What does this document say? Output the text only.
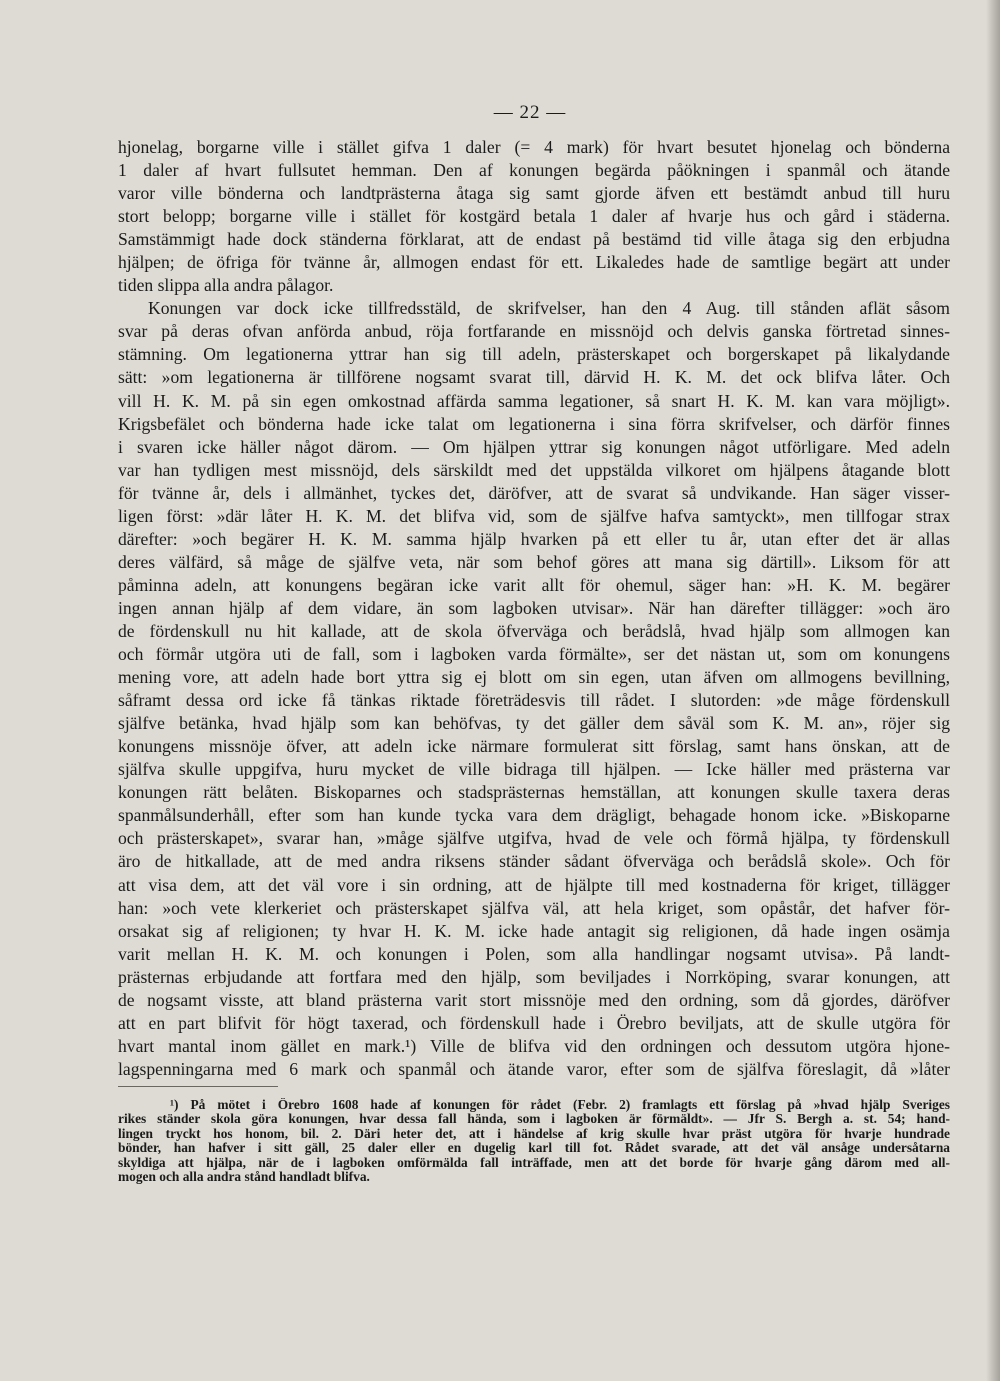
— 22 —
hjonelag, borgarne ville i stället gifva 1 daler (= 4 mark) för hvart besutet hjonelag och bönderna
1 daler af hvart fullsutet hemman. Den af konungen begärda påökningen i spanmål och ätande
varor ville bönderna och landtprästerna åtaga sig samt gjorde äfven ett bestämdt anbud till huru
stort belopp; borgarne ville i stället för kostgärd betala 1 daler af hvarje hus och gård i städerna.
Samstämmigt hade dock ständerna förklarat, att de endast på bestämd tid ville åtaga sig den erbjudna
hjälpen; de öfriga för tvänne år, allmogen endast för ett. Likaledes hade de samtlige begärt att under
tiden slippa alla andra pålagor.
Konungen var dock icke tillfredsstäld, de skrifvelser, han den 4 Aug. till stånden aflät såsom
svar på deras ofvan anförda anbud, röja fortfarande en missnöjd och delvis ganska förtretad sinnes-
stämning. Om legationerna yttrar han sig till adeln, prästerskapet och borgerskapet på likalydande
sätt: »om legationerna är tillförene nogsamt svarat till, därvid H. K. M. det ock blifva låter. Och
vill H. K. M. på sin egen omkostnad affärda samma legationer, så snart H. K. M. kan vara möjligt».
Krigsbefälet och bönderna hade icke talat om legationerna i sina förra skrifvelser, och därför finnes
i svaren icke häller något därom. — Om hjälpen yttrar sig konungen något utförligare. Med adeln
var han tydligen mest missnöjd, dels särskildt med det uppstälda vilkoret om hjälpens åtagande blott
för tvänne år, dels i allmänhet, tyckes det, däröfver, att de svarat så undvikande. Han säger visser-
ligen först: »där låter H. K. M. det blifva vid, som de själfve hafva samtyckt», men tillfogar strax
därefter: »och begärer H. K. M. samma hjälp hvarken på ett eller tu år, utan efter det är allas
deres välfärd, så måge de själfve veta, när som behof göres att mana sig därtill». Liksom för att
påminna adeln, att konungens begäran icke varit allt för ohemul, säger han: »H. K. M. begärer
ingen annan hjälp af dem vidare, än som lagboken utvisar». När han därefter tillägger: »och äro
de fördenskull nu hit kallade, att de skola öfverväga och berådslå, hvad hjälp som allmogen kan
och förmår utgöra uti de fall, som i lagboken varda förmälte», ser det nästan ut, som om konungens
mening vore, att adeln hade bort yttra sig ej blott om sin egen, utan äfven om allmogens bevillning,
såframt dessa ord icke få tänkas riktade företrädesvis till rådet. I slutorden: »de måge fördenskull
själfve betänka, hvad hjälp som kan behöfvas, ty det gäller dem såväl som K. M. an», röjer sig
konungens missnöje öfver, att adeln icke närmare formulerat sitt förslag, samt hans önskan, att de
själfva skulle uppgifva, huru mycket de ville bidraga till hjälpen. — Icke häller med prästerna var
konungen rätt belåten. Biskoparnes och stadsprästernas hemställan, att konungen skulle taxera deras
spanmålsunderhåll, efter som han kunde tycka vara dem drägligt, behagade honom icke. »Biskoparne
och prästerskapet», svarar han, »måge själfve utgifva, hvad de vele och förmå hjälpa, ty fördenskull
äro de hitkallade, att de med andra riksens ständer sådant öfverväga och berådslå skole». Och för
att visa dem, att det väl vore i sin ordning, att de hjälpte till med kostnaderna för kriget, tillägger
han: »och vete klerkeriet och prästerskapet själfva väl, att hela kriget, som opåstår, det hafver för-
orsakat sig af religionen; ty hvar H. K. M. icke hade antagit sig religionen, då hade ingen osämja
varit mellan H. K. M. och konungen i Polen, som alla handlingar nogsamt utvisa». På landt-
prästernas erbjudande att fortfara med den hjälp, som beviljades i Norrköping, svarar konungen, att
de nogsamt visste, att bland prästerna varit stort missnöje med den ordning, som då gjordes, däröfver
att en part blifvit för högt taxerad, och fördenskull hade i Örebro beviljats, att de skulle utgöra för
hvart mantal inom gället en mark.¹) Ville de blifva vid den ordningen och dessutom utgöra hjone-
lagspenningarna med 6 mark och spanmål och ätande varor, efter som de själfva föreslagit, då »låter
¹) På mötet i Örebro 1608 hade af konungen för rådet (Febr. 2) framlagts ett förslag på »hvad hjälp Sveriges
rikes ständer skola göra konungen, hvar dessa fall hända, som i lagboken är förmäldt». — Jfr S. Bergh a. st. 54; hand-
lingen tryckt hos honom, bil. 2. Däri heter det, att i händelse af krig skulle hvar präst utgöra för hvarje hundrade
bönder, han hafver i sitt gäll, 25 daler eller en dugelig karl till fot. Rådet svarade, att det väl ansåge undersåtarna
skyldiga att hjälpa, när de i lagboken omförmälda fall inträffade, men att det borde för hvarje gång därom med all-
mogen och alla andra stånd handladt blifva.
